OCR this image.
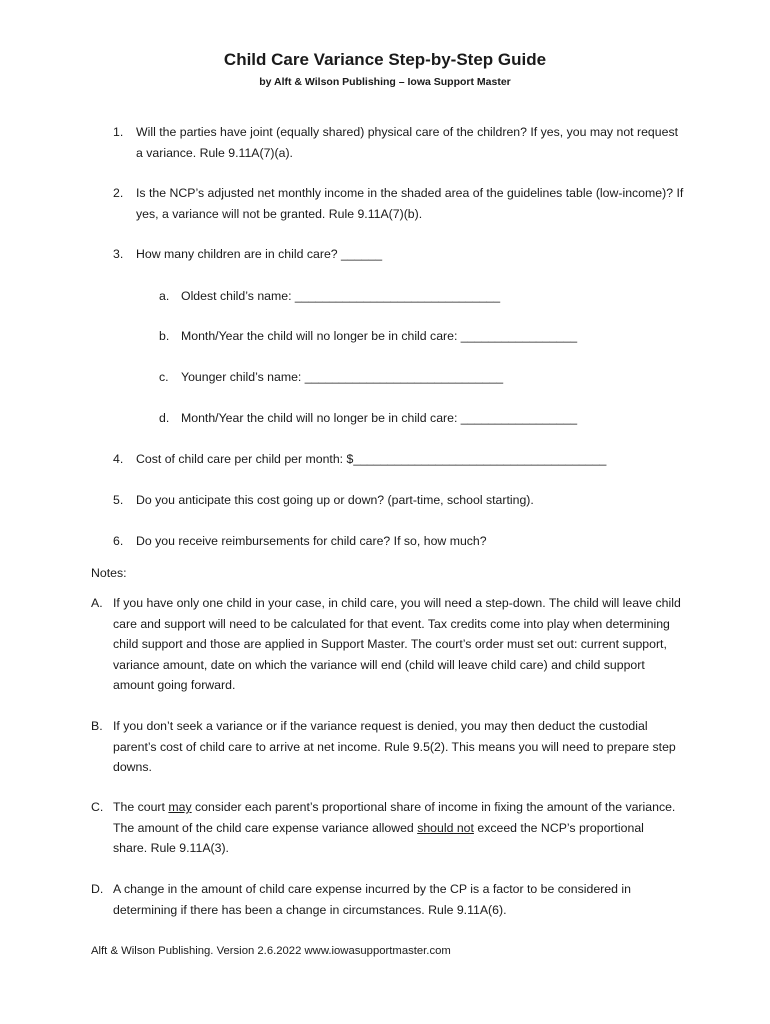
Child Care Variance Step-by-Step Guide
by Alft & Wilson Publishing – Iowa Support Master
1. Will the parties have joint (equally shared) physical care of the children? If yes, you may not request a variance. Rule 9.11A(7)(a).
2. Is the NCP’s adjusted net monthly income in the shaded area of the guidelines table (low-income)? If yes, a variance will not be granted. Rule 9.11A(7)(b).
3. How many children are in child care? ______
a. Oldest child’s name: ______________________________
b. Month/Year the child will no longer be in child care: _________________
c. Younger child’s name: _____________________________
d. Month/Year the child will no longer be in child care: _________________
4. Cost of child care per child per month: $_____________________________________
5. Do you anticipate this cost going up or down? (part-time, school starting).
6. Do you receive reimbursements for child care? If so, how much?
Notes:
A. If you have only one child in your case, in child care, you will need a step-down. The child will leave child care and support will need to be calculated for that event. Tax credits come into play when determining child support and those are applied in Support Master. The court’s order must set out: current support, variance amount, date on which the variance will end (child will leave child care) and child support amount going forward.
B. If you don’t seek a variance or if the variance request is denied, you may then deduct the custodial parent’s cost of child care to arrive at net income. Rule 9.5(2). This means you will need to prepare step downs.
C. The court may consider each parent’s proportional share of income in fixing the amount of the variance. The amount of the child care expense variance allowed should not exceed the NCP’s proportional share. Rule 9.11A(3).
D. A change in the amount of child care expense incurred by the CP is a factor to be considered in determining if there has been a change in circumstances. Rule 9.11A(6).
Alft & Wilson Publishing. Version 2.6.2022 www.iowasupportmaster.com
